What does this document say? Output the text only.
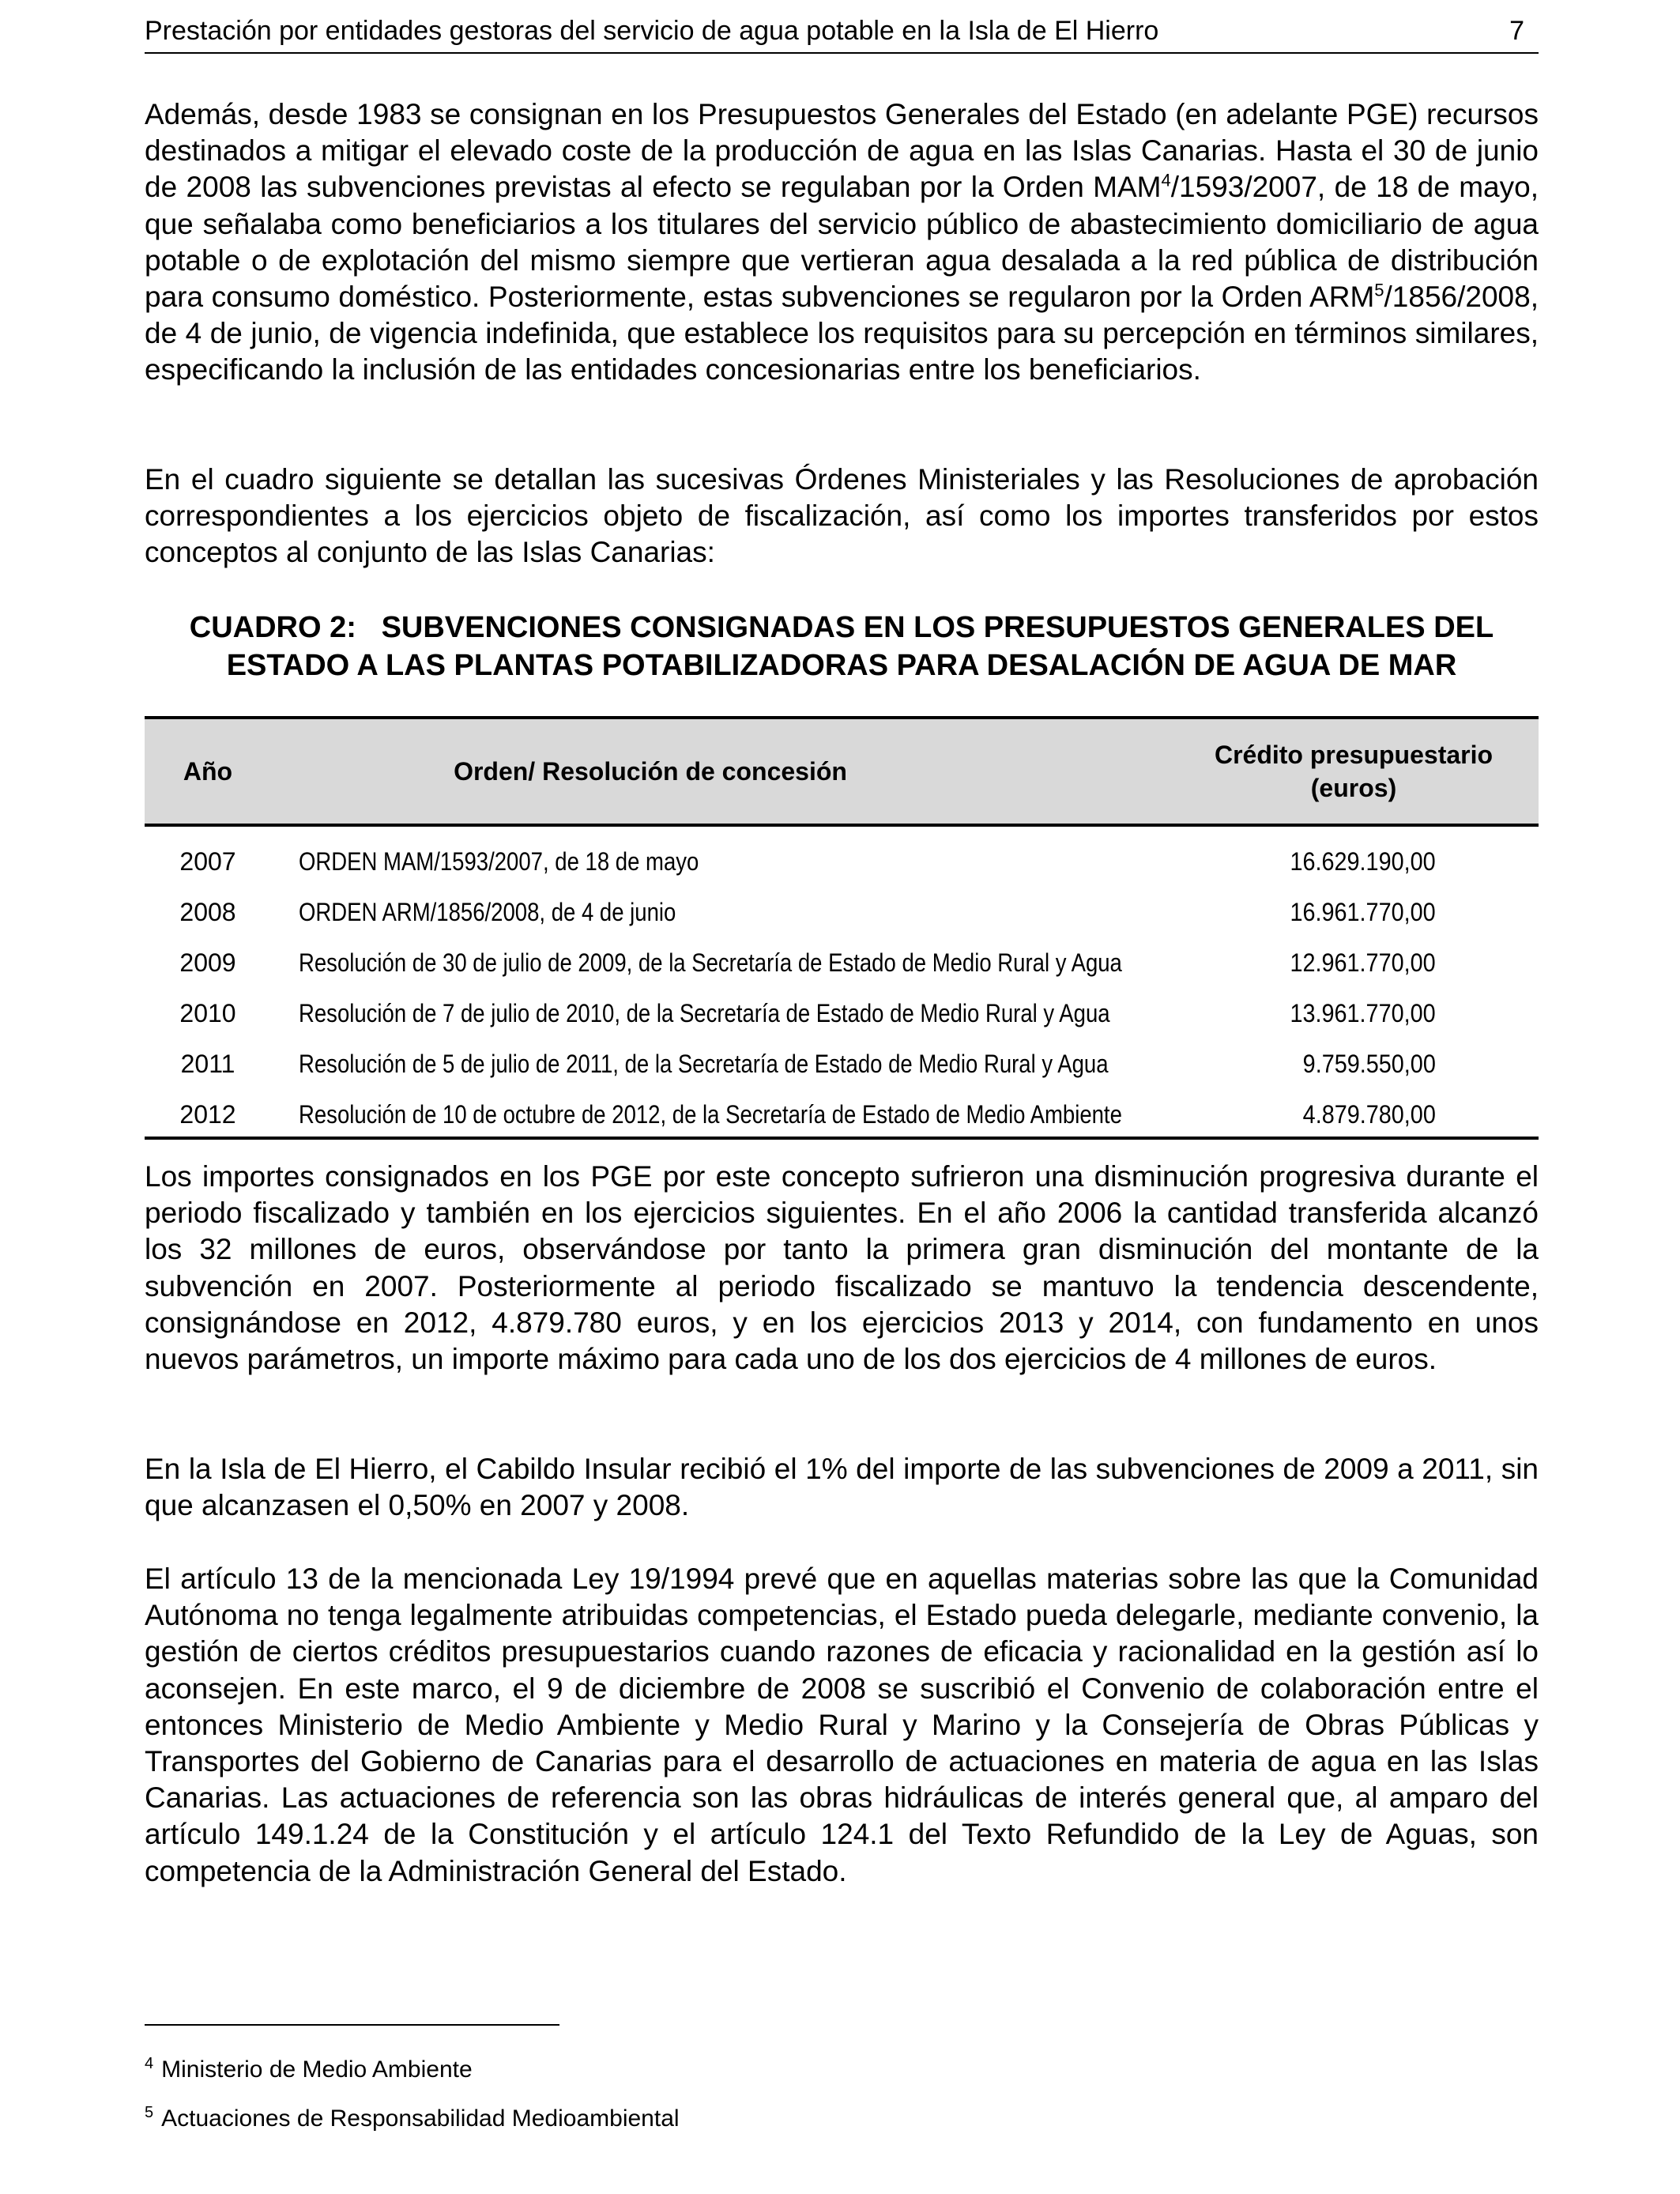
Prestación por entidades gestoras del servicio de agua potable en la Isla de El Hierro	7
Además, desde 1983 se consignan en los Presupuestos Generales del Estado (en adelante PGE) recursos destinados a mitigar el elevado coste de la producción de agua en las Islas Canarias. Hasta el 30 de junio de 2008 las subvenciones previstas al efecto se regulaban por la Orden MAM$^4$/1593/2007, de 18 de mayo, que señalaba como beneficiarios a los titulares del servicio público de abastecimiento domiciliario de agua potable o de explotación del mismo siempre que vertieran agua desalada a la red pública de distribución para consumo doméstico. Posteriormente, estas subvenciones se regularon por la Orden ARM$^5$/1856/2008, de 4 de junio, de vigencia indefinida, que establece los requisitos para su percepción en términos similares, especificando la inclusión de las entidades concesionarias entre los beneficiarios.
En el cuadro siguiente se detallan las sucesivas Órdenes Ministeriales y las Resoluciones de aprobación correspondientes a los ejercicios objeto de fiscalización, así como los importes transferidos por estos conceptos al conjunto de las Islas Canarias:
CUADRO 2:   SUBVENCIONES CONSIGNADAS EN LOS PRESUPUESTOS GENERALES DEL
ESTADO A LAS PLANTAS POTABILIZADORAS PARA DESALACIÓN DE AGUA DE MAR
Año	Orden/ Resolución de concesión
Crédito presupuestario
(euros)
2007	ORDEN MAM/1593/2007, de 18 de mayo	16.629.190,00
2008	ORDEN ARM/1856/2008, de 4 de junio	16.961.770,00
2009	Resolución de 30 de julio de 2009, de la Secretaría de Estado de Medio Rural y Agua	12.961.770,00
2010	Resolución de 7 de julio de 2010, de la Secretaría de Estado de Medio Rural y Agua	13.961.770,00
2011	Resolución de 5 de julio de 2011, de la Secretaría de Estado de Medio Rural y Agua	9.759.550,00
2012	Resolución de 10 de octubre de 2012, de la Secretaría de Estado de Medio Ambiente	4.879.780,00
Los importes consignados en los PGE por este concepto sufrieron una disminución progresiva durante el periodo fiscalizado y también en los ejercicios siguientes. En el año 2006 la cantidad transferida alcanzó los 32 millones de euros, observándose por tanto la primera gran disminución del montante de la subvención en 2007. Posteriormente al periodo fiscalizado se mantuvo la tendencia descendente, consignándose en 2012, 4.879.780 euros, y en los ejercicios 2013 y 2014, con fundamento en unos nuevos parámetros, un importe máximo para cada uno de los dos ejercicios de 4 millones de euros.
En la Isla de El Hierro, el Cabildo Insular recibió el 1% del importe de las subvenciones de 2009 a 2011, sin que alcanzasen el 0,50% en 2007 y 2008.
El artículo 13 de la mencionada Ley 19/1994 prevé que en aquellas materias sobre las que la Comunidad Autónoma no tenga legalmente atribuidas competencias, el Estado pueda delegarle, mediante convenio, la gestión de ciertos créditos presupuestarios cuando razones de eficacia y racionalidad en la gestión así lo aconsejen. En este marco, el 9 de diciembre de 2008 se suscribió el Convenio de colaboración entre el entonces Ministerio de Medio Ambiente y Medio Rural y Marino y la Consejería de Obras Públicas y Transportes del Gobierno de Canarias para el desarrollo de actuaciones en materia de agua en las Islas Canarias. Las actuaciones de referencia son las obras hidráulicas de interés general que, al amparo del artículo 149.1.24 de la Constitución y el artículo 124.1 del Texto Refundido de la Ley de Aguas, son competencia de la Administración General del Estado.
$^4$ Ministerio de Medio Ambiente
$^5$ Actuaciones de Responsabilidad Medioambiental
